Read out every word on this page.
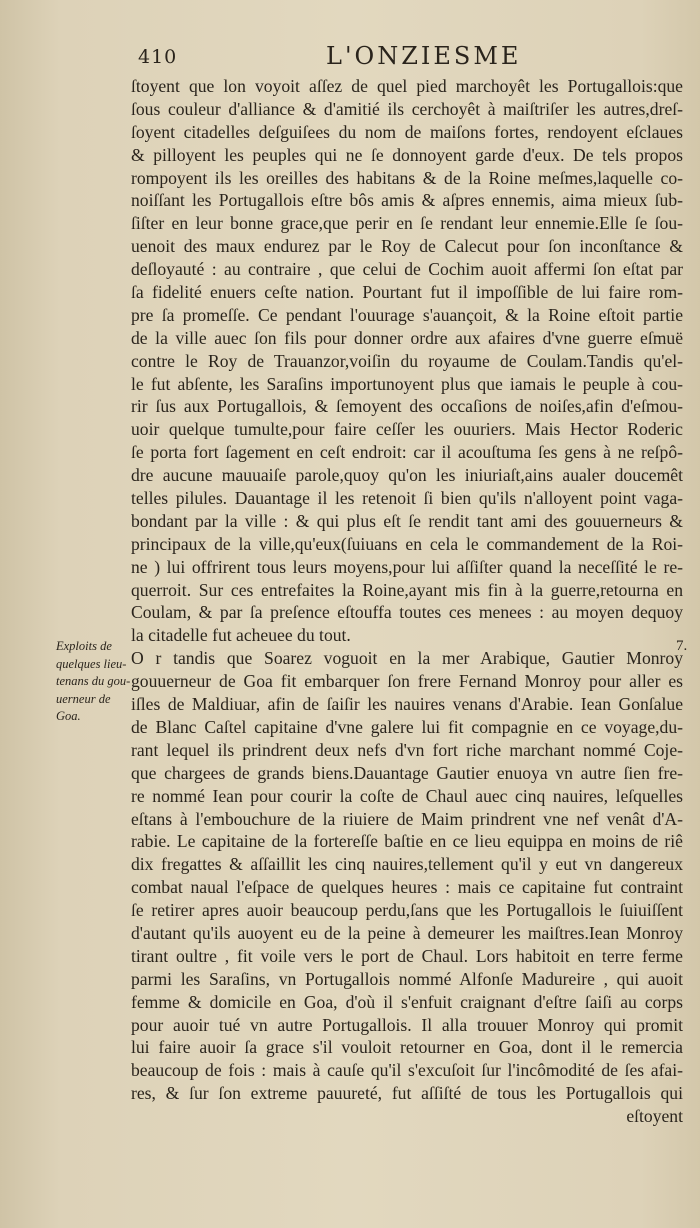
410	L'ONZIESME
Exploits de
quelques lieu-
tenans du gou-
uerneur de
Goa.
7.
ſtoyent que lon voyoit aſſez de quel pied marchoyêt les Portugallois:que
ſous couleur d'alliance & d'amitié ils cerchoyêt à maiſtriſer les autres,dreſ-
ſoyent citadelles deſguiſees du nom de maiſons fortes, rendoyent eſclaues
& pilloyent les peuples qui ne ſe donnoyent garde d'eux. De tels propos
rompoyent ils les oreilles des habitans & de la Roine meſmes,laquelle co-
noiſſant les Portugallois eſtre bôs amis & aſpres ennemis, aima mieux ſub-
ſiſter en leur bonne grace,que perir en ſe rendant leur ennemie.Elle ſe ſou-
uenoit des maux endurez par le Roy de Calecut pour ſon inconſtance &
deſloyauté : au contraire , que celui de Cochim auoit affermi ſon eſtat par
ſa fidelité enuers ceſte nation. Pourtant fut il impoſſible de lui faire rom-
pre ſa promeſſe. Ce pendant l'ouurage s'auançoit, & la Roine eſtoit partie
de la ville auec ſon fils pour donner ordre aux afaires d'vne guerre eſmuë
contre le Roy de Trauanzor,voiſin du royaume de Coulam.Tandis qu'el-
le fut abſente, les Saraſins importunoyent plus que iamais le peuple à cou-
rir ſus aux Portugallois, & ſemoyent des occaſions de noiſes,afin d'eſmou-
uoir quelque tumulte,pour faire ceſſer les ouuriers. Mais Hector Roderic
ſe porta fort ſagement en ceſt endroit: car il acouſtuma ſes gens à ne reſpô-
dre aucune mauuaiſe parole,quoy qu'on les iniuriaſt,ains aualer doucemêt
telles pilules. Dauantage il les retenoit ſi bien qu'ils n'alloyent point vaga-
bondant par la ville : & qui plus eſt ſe rendit tant ami des gouuerneurs &
principaux de la ville,qu'eux(ſuiuans en cela le commandement de la Roi-
ne ) lui offrirent tous leurs moyens,pour lui aſſiſter quand la neceſſité le re-
querroit. Sur ces entrefaites la Roine,ayant mis fin à la guerre,retourna en
Coulam, & par ſa preſence eſtouffa toutes ces menees : au moyen dequoy
la citadelle fut acheuee du tout.
O r tandis que Soarez voguoit en la mer Arabique, Gautier Monroy
gouuerneur de Goa fit embarquer ſon frere Fernand Monroy pour aller es
iſles de Maldiuar, afin de ſaiſir les nauires venans d'Arabie. Iean Gonſalue
de Blanc Caſtel capitaine d'vne galere lui fit compagnie en ce voyage,du-
rant lequel ils prindrent deux nefs d'vn fort riche marchant nommé Coje-
que chargees de grands biens.Dauantage Gautier enuoya vn autre ſien fre-
re nommé Iean pour courir la coſte de Chaul auec cinq nauires, leſquelles
eſtans à l'embouchure de la riuiere de Maim prindrent vne nef venât d'A-
rabie. Le capitaine de la forterеſſe baſtie en ce lieu equippa en moins de riê
dix fregattes & aſſaillit les cinq nauires,tellement qu'il y eut vn dangereux
combat naual l'eſpace de quelques heures : mais ce capitaine fut contraint
ſe retirer apres auoir beaucoup perdu,ſans que les Portugallois le ſuiuiſſent
d'autant qu'ils auoyent eu de la peine à demeurer les maiſtres.Iean Monroy
tirant oultre , fit voile vers le port de Chaul. Lors habitoit en terre ferme
parmi les Saraſins, vn Portugallois nommé Alfonſe Madureire , qui auoit
femme & domicile en Goa, d'où il s'enfuit craignant d'eſtre ſaiſi au corps
pour auoir tué vn autre Portugallois. Il alla trouuer Monroy qui promit
lui faire auoir ſa grace s'il vouloit retourner en Goa, dont il le remercia
beaucoup de fois : mais à cauſe qu'il s'excuſoit ſur l'incômodité de ſes afai-
res, & ſur ſon extreme pauureté, fut aſſiſté de tous les Portugallois qui
eſtoyent
